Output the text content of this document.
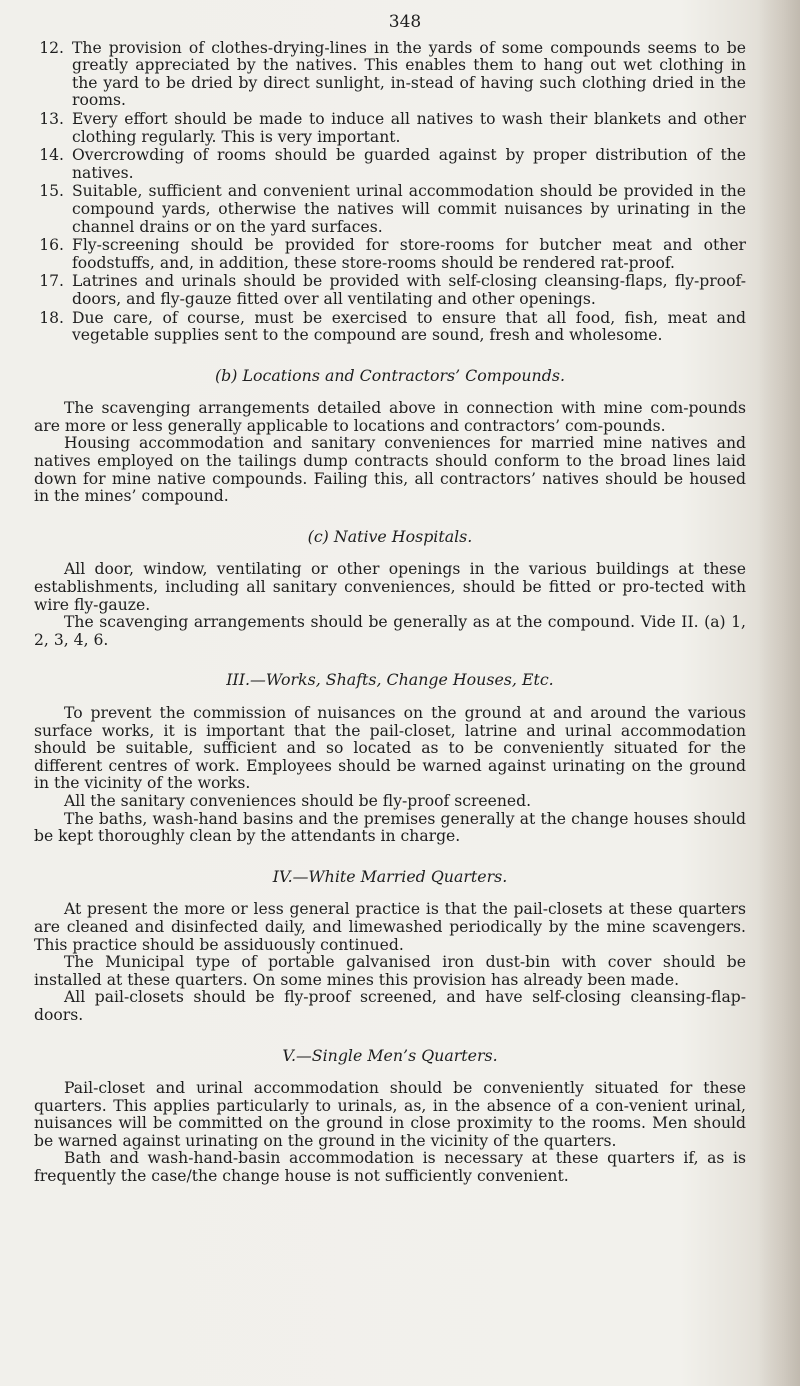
348
12. The provision of clothes-drying-lines in the yards of some compounds seems to be greatly appreciated by the natives. This enables them to hang out wet clothing in the yard to be dried by direct sunlight, in-stead of having such clothing dried in the rooms.
13. Every effort should be made to induce all natives to wash their blankets and other clothing regularly. This is very important.
14. Overcrowding of rooms should be guarded against by proper distribution of the natives.
15. Suitable, sufficient and convenient urinal accommodation should be provided in the compound yards, otherwise the natives will commit nuisances by urinating in the channel drains or on the yard surfaces.
16. Fly-screening should be provided for store-rooms for butcher meat and other foodstuffs, and, in addition, these store-rooms should be rendered rat-proof.
17. Latrines and urinals should be provided with self-closing cleansing-flaps, fly-proof-doors, and fly-gauze fitted over all ventilating and other openings.
18. Due care, of course, must be exercised to ensure that all food, fish, meat and vegetable supplies sent to the compound are sound, fresh and wholesome.
(b) Locations and Contractors’ Compounds.

The scavenging arrangements detailed above in connection with mine com-pounds are more or less generally applicable to locations and contractors’ com-pounds.

Housing accommodation and sanitary conveniences for married mine natives and natives employed on the tailings dump contracts should conform to the broad lines laid down for mine native compounds. Failing this, all contractors’ natives should be housed in the mines’ compound.

(c) Native Hospitals.

All door, window, ventilating or other openings in the various buildings at these establishments, including all sanitary conveniences, should be fitted or pro-tected with wire fly-gauze.

The scavenging arrangements should be generally as at the compound. Vide II. (a) 1, 2, 3, 4, 6.

III.—Works, Shafts, Change Houses, Etc.

To prevent the commission of nuisances on the ground at and around the various surface works, it is important that the pail-closet, latrine and urinal accommodation should be suitable, sufficient and so located as to be conveniently situated for the different centres of work. Employees should be warned against urinating on the ground in the vicinity of the works.

All the sanitary conveniences should be fly-proof screened.

The baths, wash-hand basins and the premises generally at the change houses should be kept thoroughly clean by the attendants in charge.

IV.—White Married Quarters.

At present the more or less general practice is that the pail-closets at these quarters are cleaned and disinfected daily, and limewashed periodically by the mine scavengers. This practice should be assiduously continued.

The Municipal type of portable galvanised iron dust-bin with cover should be installed at these quarters. On some mines this provision has already been made.

All pail-closets should be fly-proof screened, and have self-closing cleansing-flap-doors.

V.—Single Men’s Quarters.

Pail-closet and urinal accommodation should be conveniently situated for these quarters. This applies particularly to urinals, as, in the absence of a con-venient urinal, nuisances will be committed on the ground in close proximity to the rooms. Men should be warned against urinating on the ground in the vicinity of the quarters.

Bath and wash-hand-basin accommodation is necessary at these quarters if, as is frequently the case/the change house is not sufficiently convenient.
